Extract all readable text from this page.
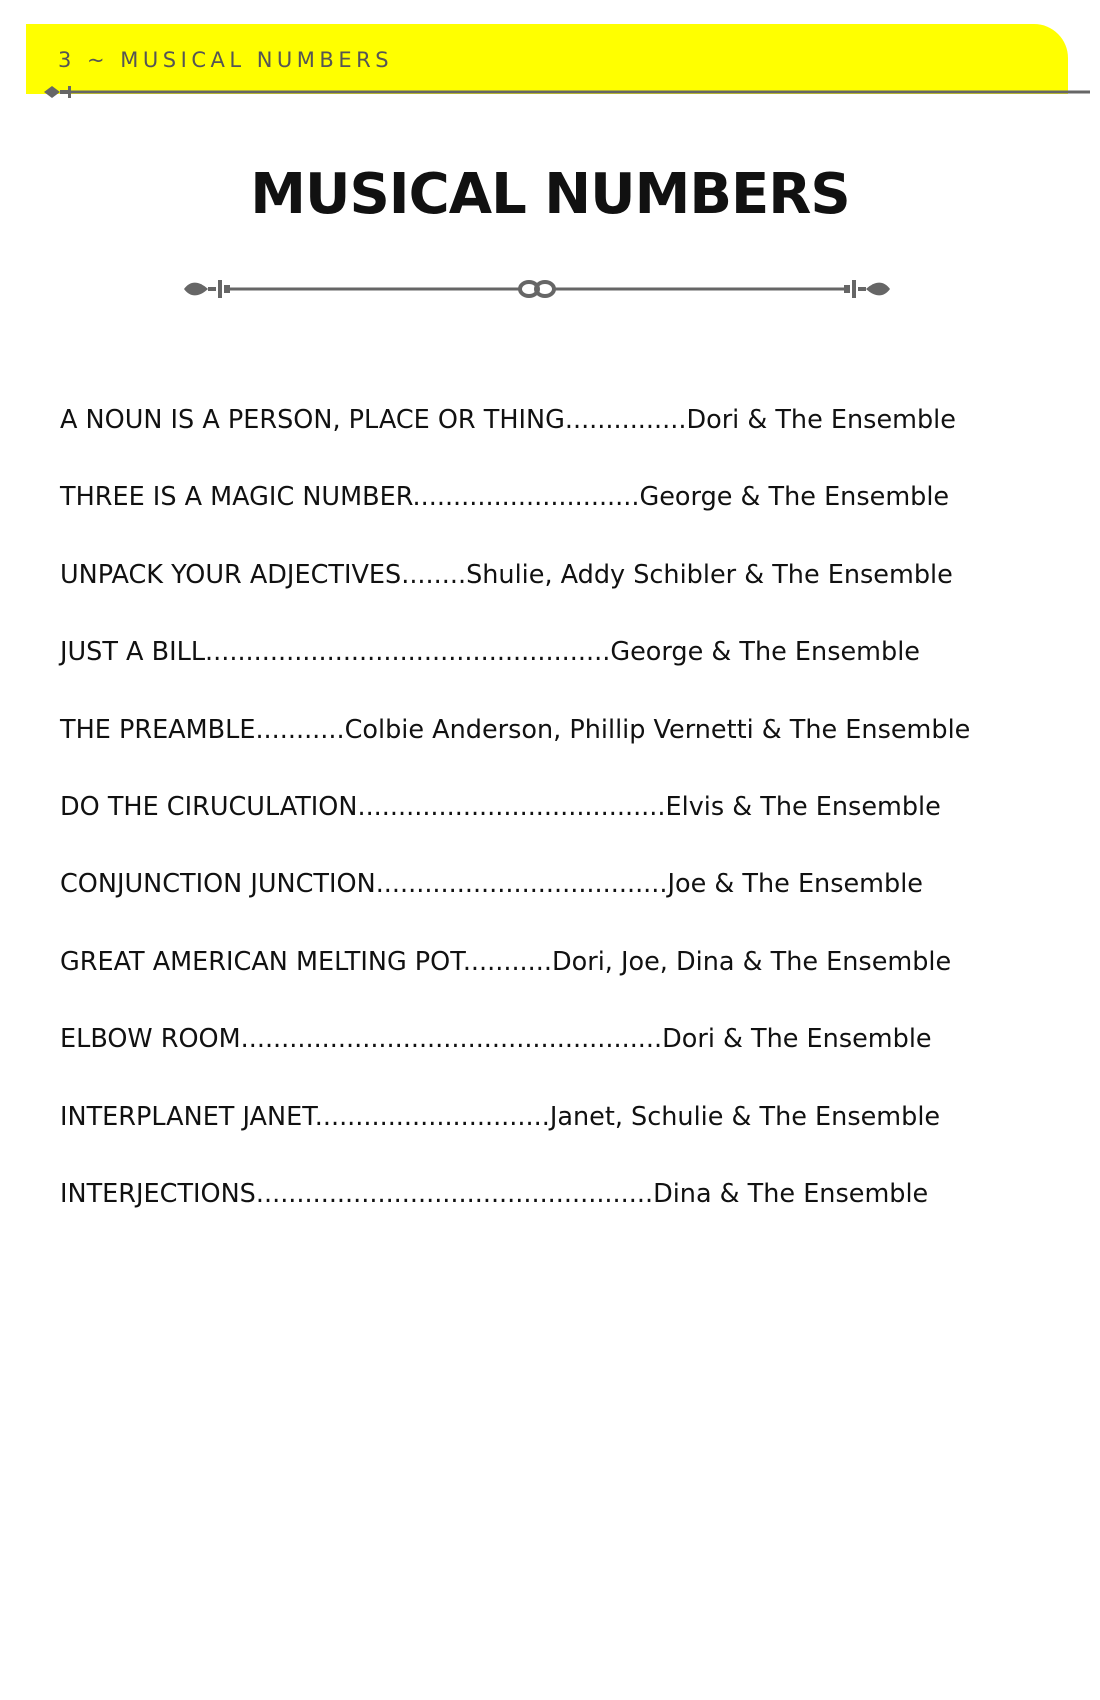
3 ~ MUSICAL NUMBERS
MUSICAL NUMBERS
A NOUN IS A PERSON, PLACE OR THING...............Dori & The Ensemble
THREE IS A MAGIC NUMBER............................George & The Ensemble
UNPACK YOUR ADJECTIVES........Shulie, Addy Schibler & The Ensemble
JUST A BILL..................................................George & The Ensemble
THE PREAMBLE...........Colbie Anderson, Phillip Vernetti & The Ensemble
DO THE CIRUCULATION......................................Elvis & The Ensemble
CONJUNCTION JUNCTION....................................Joe & The Ensemble
GREAT AMERICAN MELTING POT...........Dori, Joe, Dina & The Ensemble
ELBOW ROOM....................................................Dori & The Ensemble
INTERPLANET JANET.............................Janet, Schulie & The Ensemble
INTERJECTIONS.................................................Dina & The Ensemble
